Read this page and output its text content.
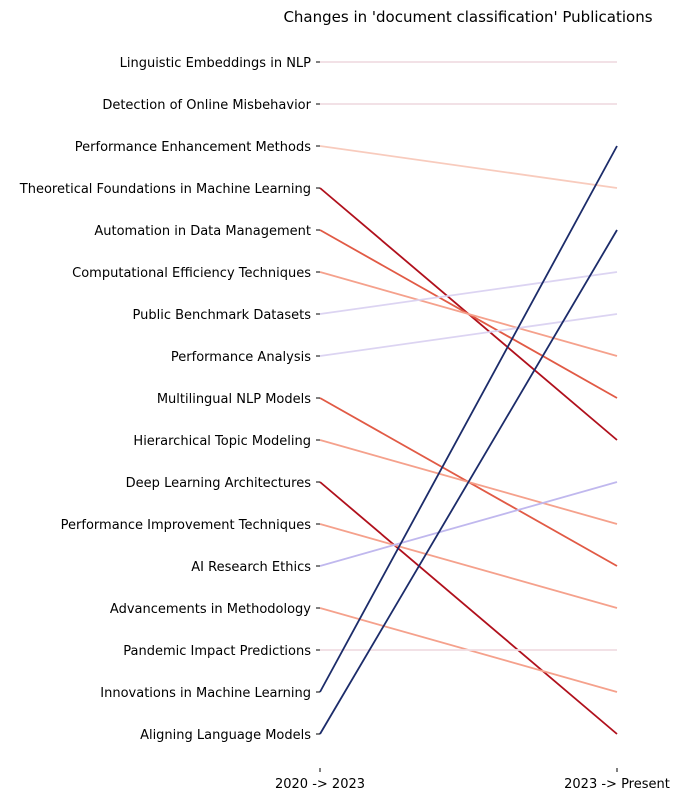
Changes in 'document classification' Publications
Linguistic Embeddings in NLP
Detection of Online Misbehavior
Performance Enhancement Methods
Theoretical Foundations in Machine Learning
Automation in Data Management
Computational Efficiency Techniques
Public Benchmark Datasets
Performance Analysis
Multilingual NLP Models
Hierarchical Topic Modeling
Deep Learning Architectures
Performance Improvement Techniques
AI Research Ethics
Advancements in Methodology
Pandemic Impact Predictions
Innovations in Machine Learning
Aligning Language Models
2020 -> 2023	2023 -> Present
